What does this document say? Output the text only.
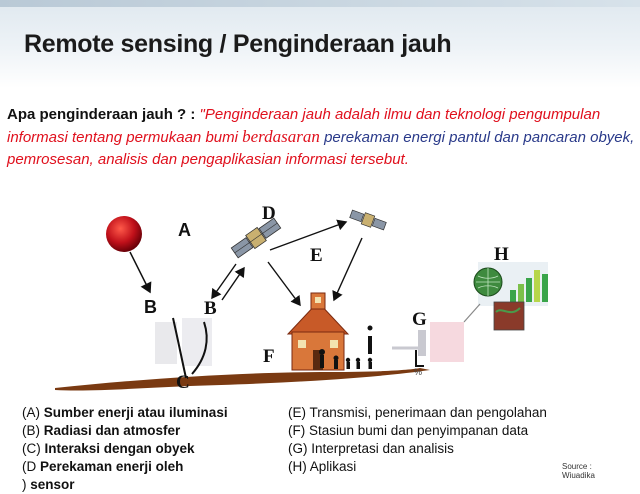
Remote sensing / Penginderaan jauh
Apa penginderaan jauh ? : "Penginderaan jauh adalah ilmu dan teknologi pengumpulan informasi tentang permukaan bumi berdasaran perekaman energi pantul dan pancaran obyek, pemrosesan, analisis dan pengaplikasian informasi tersebut.
%
A
B B
C
D
E
F
G
H
(A) Sumber enerji atau iluminasi
(B) Radiasi dan atmosfer
(C) Interaksi dengan obyek
(D Perekaman enerji oleh
) sensor
(E) Transmisi, penerimaan dan pengolahan
(F) Stasiun bumi dan penyimpanan data
(G) Interpretasi dan analisis
(H) Aplikasi	Source :
Wiuadika
